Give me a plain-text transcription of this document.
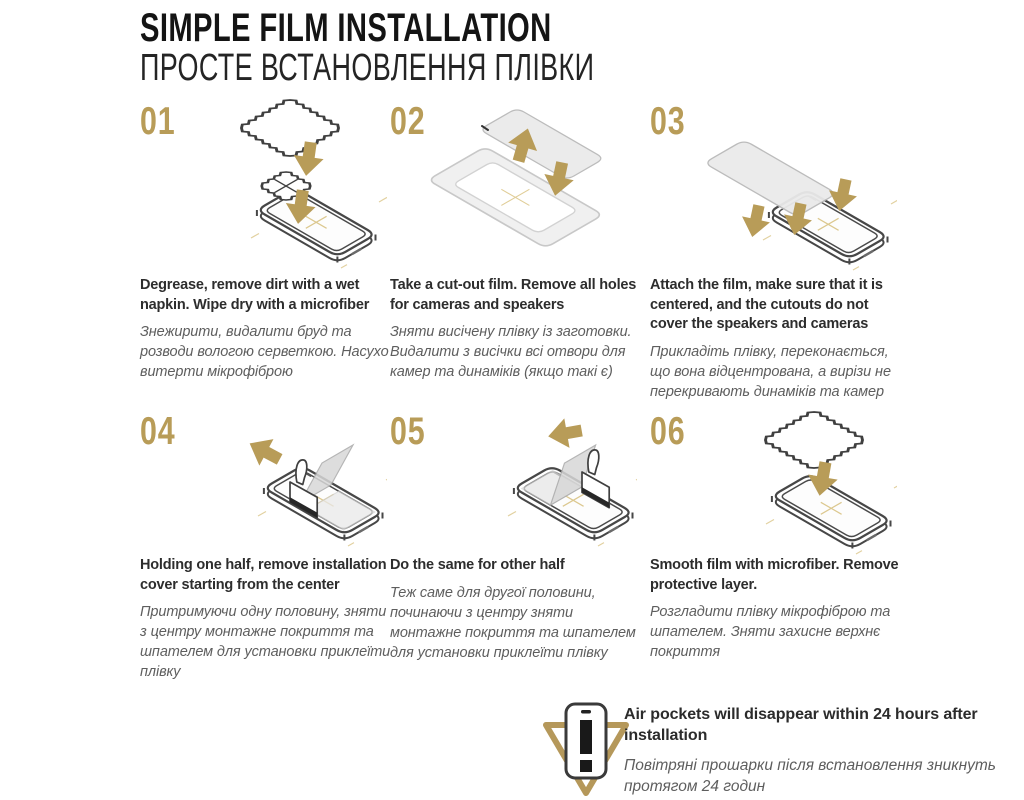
SIMPLE FILM INSTALLATION
ПРОСТЕ ВСТАНОВЛЕННЯ ПЛІВКИ
01
Degrease, remove dirt with a wet napkin. Wipe dry with a microfiber
Знежирити, видалити бруд та розводи вологою серветкою. Насухо витерти мікрофіброю
02
Take a cut-out film. Remove all holes for cameras and speakers
Зняти висічену плівку із заготовки. Видалити з висічки всі отвори для камер та динаміків (якщо такі є)
03
Attach the film, make sure that it is centered, and the cutouts do not cover the speakers and cameras
Прикладіть плівку, переконається, що вона відцентрована, а вирізи не перекривають динаміків та камер
04
Holding one half, remove installation cover starting from the center
Притримуючи одну половину, зняти з центру монтажне покриття та шпателем для установки приклеїти плівку
05
Do the same for other half
Теж саме для другої половини, починаючи з центру зняти монтажне покриття та шпателем для установки приклеїти плівку
06
Smooth film with microfiber. Remove protective layer.
Розгладити плівку мікрофіброю та шпателем. Зняти захисне верхнє покриття
Air pockets will disappear within 24 hours after installation
Повітряні прошарки після встановлення зникнуть протягом 24 годин
